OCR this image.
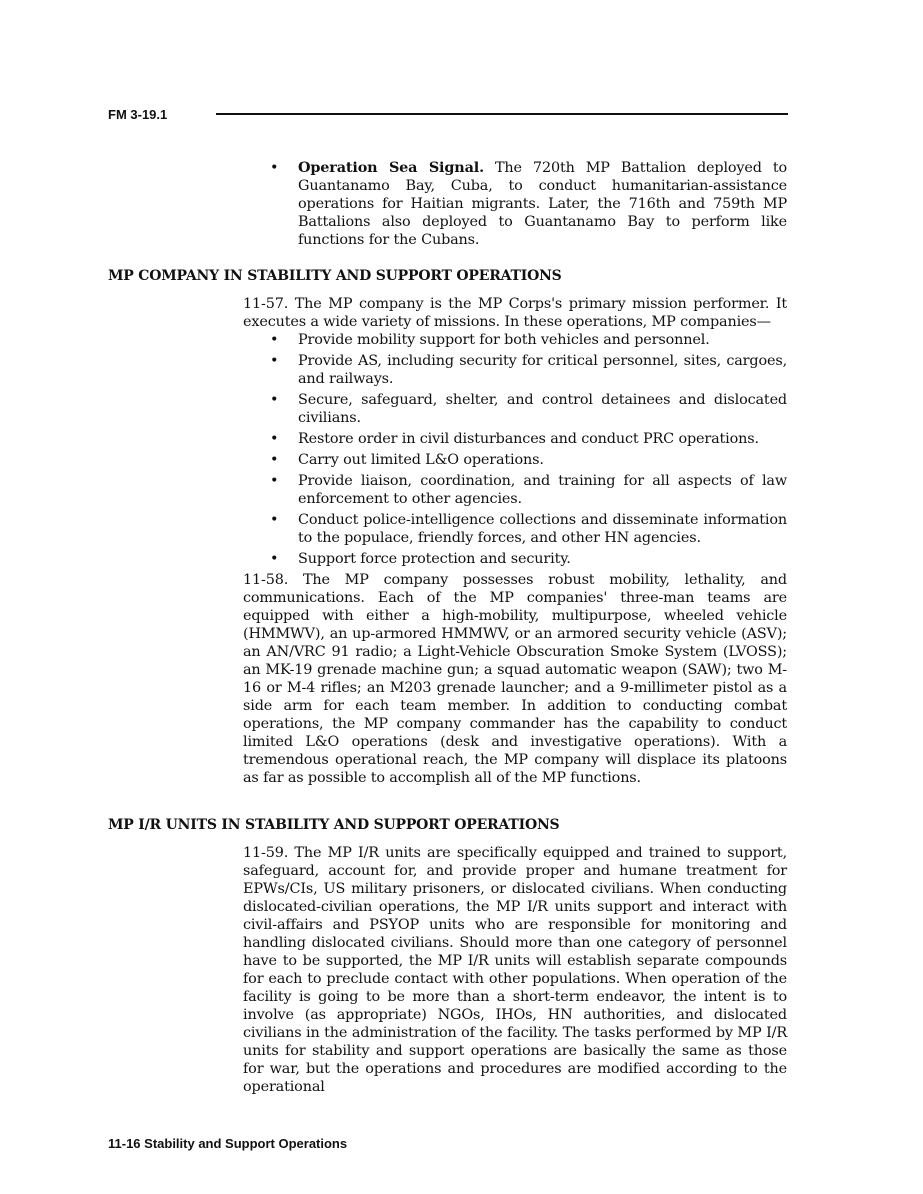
FM 3-19.1
• Operation Sea Signal. The 720th MP Battalion deployed to Guantanamo Bay, Cuba, to conduct humanitarian-assistance operations for Haitian migrants. Later, the 716th and 759th MP Battalions also deployed to Guantanamo Bay to perform like functions for the Cubans.
MP COMPANY IN STABILITY AND SUPPORT OPERATIONS

11-57. The MP company is the MP Corps's primary mission performer. It executes a wide variety of missions. In these operations, MP companies—

• Provide mobility support for both vehicles and personnel.
• Provide AS, including security for critical personnel, sites, cargoes, and railways.
• Secure, safeguard, shelter, and control detainees and dislocated civilians.
• Restore order in civil disturbances and conduct PRC operations.
• Carry out limited L&O operations.
• Provide liaison, coordination, and training for all aspects of law enforcement to other agencies.
• Conduct police-intelligence collections and disseminate information to the populace, friendly forces, and other HN agencies.
• Support force protection and security.

11-58. The MP company possesses robust mobility, lethality, and communications. Each of the MP companies' three-man teams are equipped with either a high-mobility, multipurpose, wheeled vehicle (HMMWV), an up-armored HMMWV, or an armored security vehicle (ASV); an AN/VRC 91 radio; a Light-Vehicle Obscuration Smoke System (LVOSS); an MK-19 grenade machine gun; a squad automatic weapon (SAW); two M-16 or M-4 rifles; an M203 grenade launcher; and a 9-millimeter pistol as a side arm for each team member. In addition to conducting combat operations, the MP company commander has the capability to conduct limited L&O operations (desk and investigative operations). With a tremendous operational reach, the MP company will displace its platoons as far as possible to accomplish all of the MP functions.

MP I/R UNITS IN STABILITY AND SUPPORT OPERATIONS

11-59. The MP I/R units are specifically equipped and trained to support, safeguard, account for, and provide proper and humane treatment for EPWs/CIs, US military prisoners, or dislocated civilians. When conducting dislocated-civilian operations, the MP I/R units support and interact with civil-affairs and PSYOP units who are responsible for monitoring and handling dislocated civilians. Should more than one category of personnel have to be supported, the MP I/R units will establish separate compounds for each to preclude contact with other populations. When operation of the facility is going to be more than a short-term endeavor, the intent is to involve (as appropriate) NGOs, IHOs, HN authorities, and dislocated civilians in the administration of the facility. The tasks performed by MP I/R units for stability and support operations are basically the same as those for war, but the operations and procedures are modified according to the operational

11-16 Stability and Support Operations
